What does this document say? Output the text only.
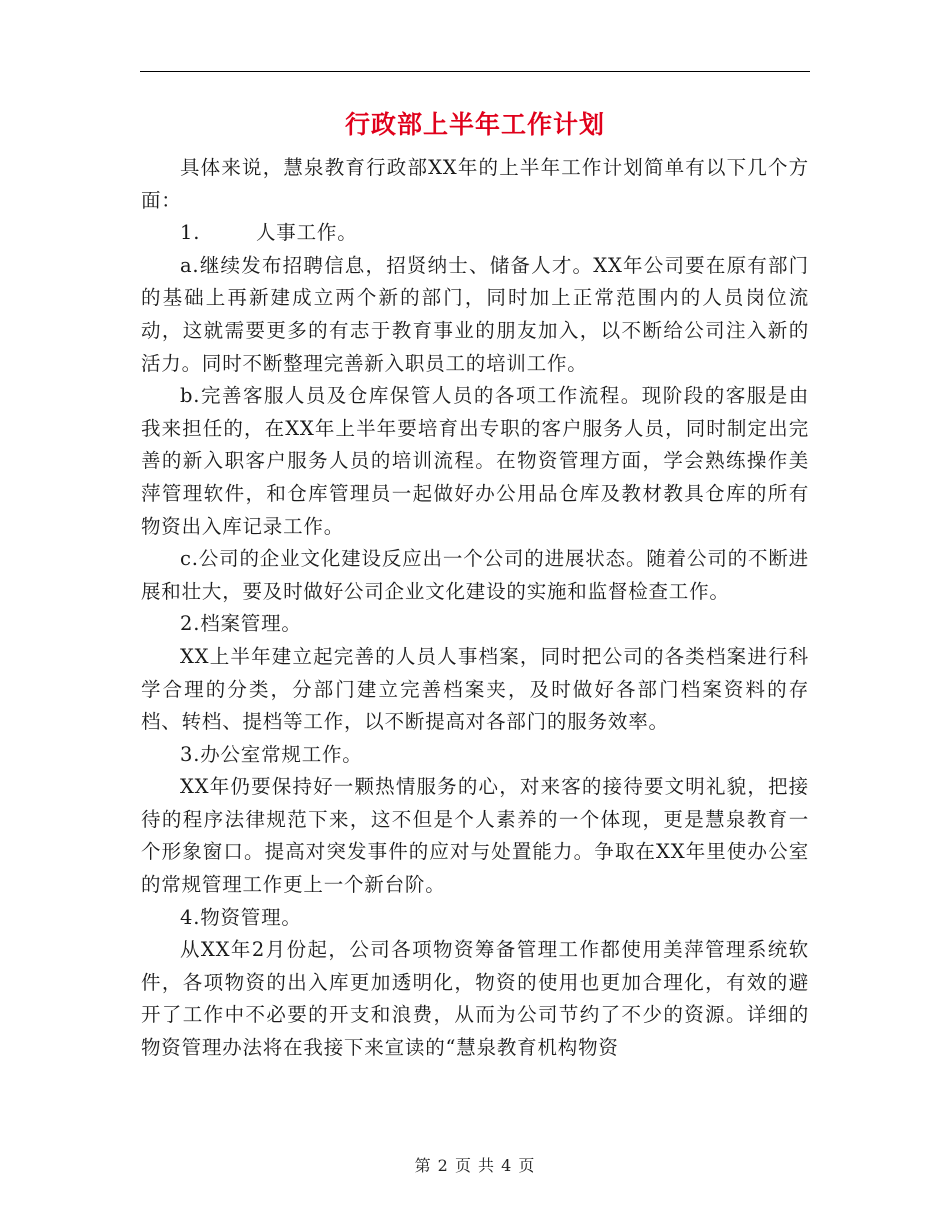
行政部上半年工作计划

具体来说，慧泉教育行政部XX年的上半年工作计划简单有以下几个方面：

1.	人事工作。

a.继续发布招聘信息，招贤纳士、储备人才。XX年公司要在原有部门的基础上再新建成立两个新的部门，同时加上正常范围内的人员岗位流动，这就需要更多的有志于教育事业的朋友加入，以不断给公司注入新的活力。同时不断整理完善新入职员工的培训工作。

b.完善客服人员及仓库保管人员的各项工作流程。现阶段的客服是由我来担任的，在XX年上半年要培育出专职的客户服务人员，同时制定出完善的新入职客户服务人员的培训流程。在物资管理方面，学会熟练操作美萍管理软件，和仓库管理员一起做好办公用品仓库及教材教具仓库的所有物资出入库记录工作。

c.公司的企业文化建设反应出一个公司的进展状态。随着公司的不断进展和壮大，要及时做好公司企业文化建设的实施和监督检查工作。

2.档案管理。

XX上半年建立起完善的人员人事档案，同时把公司的各类档案进行科学合理的分类，分部门建立完善档案夹，及时做好各部门档案资料的存档、转档、提档等工作，以不断提高对各部门的服务效率。

3.办公室常规工作。

XX年仍要保持好一颗热情服务的心，对来客的接待要文明礼貌，把接待的程序法律规范下来，这不但是个人素养的一个体现，更是慧泉教育一个形象窗口。提高对突发事件的应对与处置能力。争取在XX年里使办公室的常规管理工作更上一个新台阶。

4.物资管理。

从XX年2月份起，公司各项物资筹备管理工作都使用美萍管理系统软件，各项物资的出入库更加透明化，物资的使用也更加合理化，有效的避开了工作中不必要的开支和浪费，从而为公司节约了不少的资源。详细的物资管理办法将在我接下来宣读的“慧泉教育机构物资

第 2 页 共 4 页
